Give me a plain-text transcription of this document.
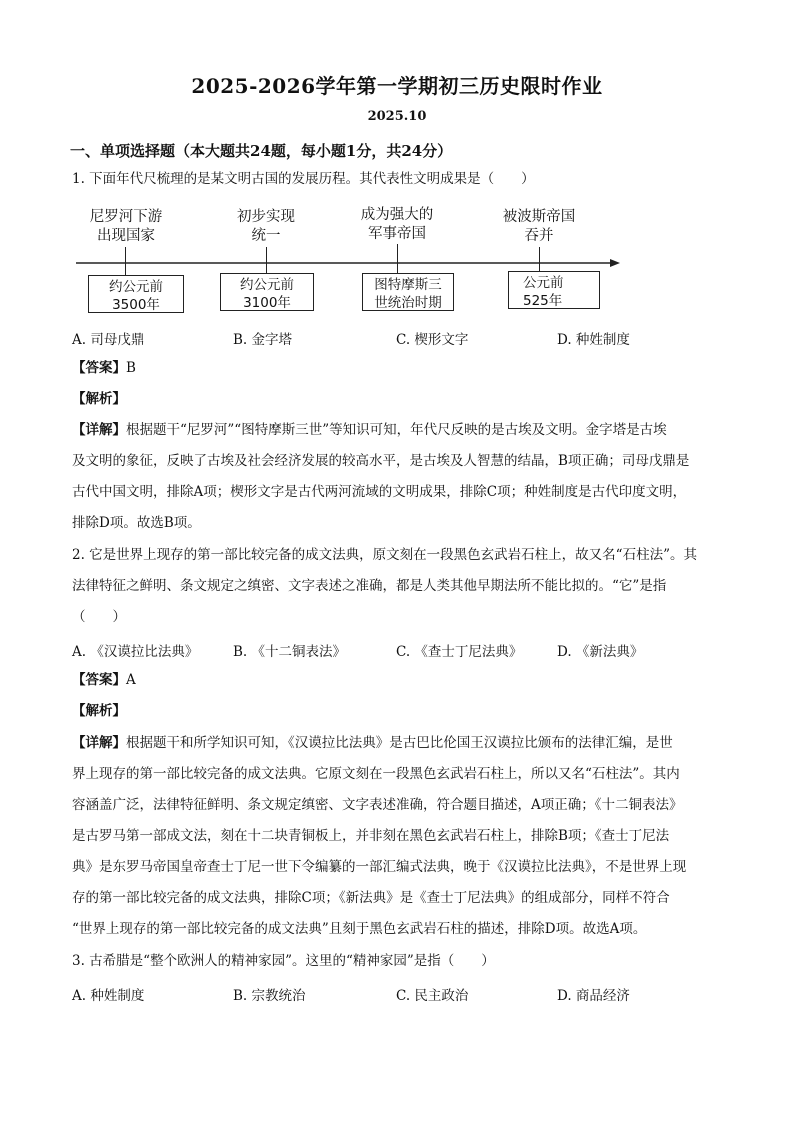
2025-2026学年第一学期初三历史限时作业
2025.10
一、单项选择题（本大题共24题，每小题1分，共24分）
1. 下面年代尺梳理的是某文明古国的发展历程。其代表性文明成果是（　　）
尼罗河下游
出现国家
约公元前
3500年
初步实现
统一
约公元前
3100年
成为强大的
军事帝国
图特摩斯三
世统治时期
被波斯帝国
吞并
公元前
525年
A. 司母戊鼎	B. 金字塔	C. 楔形文字	D. 种姓制度
【答案】B
【解析】
【详解】根据题干“尼罗河”“图特摩斯三世”等知识可知，年代尺反映的是古埃及文明。金字塔是古埃
及文明的象征，反映了古埃及社会经济发展的较高水平，是古埃及人智慧的结晶，B项正确；司母戊鼎是
古代中国文明，排除A项；楔形文字是古代两河流域的文明成果，排除C项；种姓制度是古代印度文明，
排除D项。故选B项。
2. 它是世界上现存的第一部比较完备的成文法典，原文刻在一段黑色玄武岩石柱上，故又名“石柱法”。其
法律特征之鲜明、条文规定之缜密、文字表述之准确，都是人类其他早期法所不能比拟的。“它”是指
（　　）
A. 《汉谟拉比法典》	B. 《十二铜表法》	C. 《查士丁尼法典》	D. 《新法典》
【答案】A
【解析】
【详解】根据题干和所学知识可知，《汉谟拉比法典》是古巴比伦国王汉谟拉比颁布的法律汇编，是世
界上现存的第一部比较完备的成文法典。它原文刻在一段黑色玄武岩石柱上，所以又名“石柱法”。其内
容涵盖广泛，法律特征鲜明、条文规定缜密、文字表述准确，符合题目描述，A项正确；《十二铜表法》
是古罗马第一部成文法，刻在十二块青铜板上，并非刻在黑色玄武岩石柱上，排除B项；《查士丁尼法
典》是东罗马帝国皇帝查士丁尼一世下令编纂的一部汇编式法典，晚于《汉谟拉比法典》，不是世界上现
存的第一部比较完备的成文法典，排除C项；《新法典》是《查士丁尼法典》的组成部分，同样不符合
“世界上现存的第一部比较完备的成文法典”且刻于黑色玄武岩石柱的描述，排除D项。故选A项。
3. 古希腊是“整个欧洲人的精神家园”。这里的“精神家园”是指（　　）
A. 种姓制度	B. 宗教统治	C. 民主政治	D. 商品经济
